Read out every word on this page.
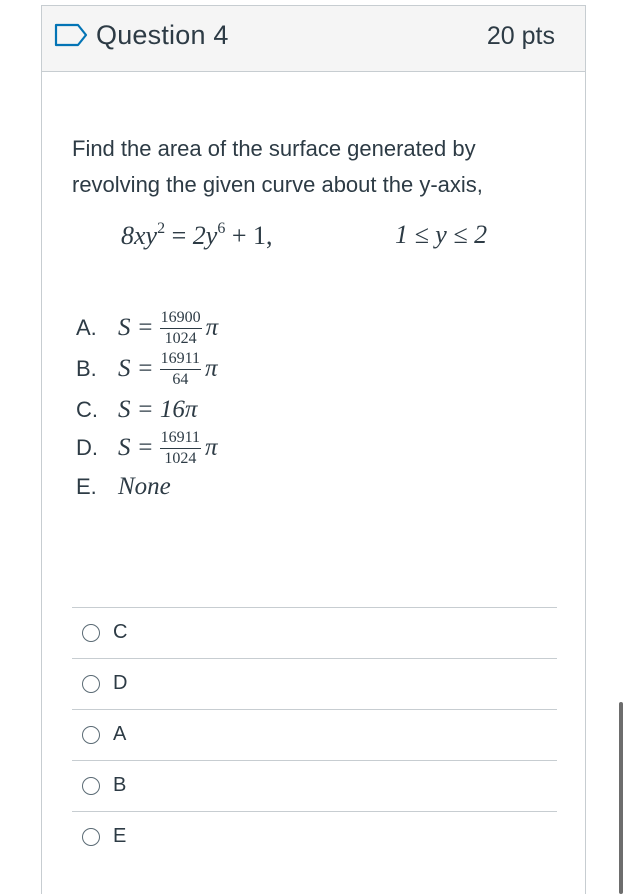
Question 4	20 pts
Find the area of the surface generated by revolving the given curve about the y-axis,
$8xy^2 = 2y^6 + 1$,	1 ≤ y ≤ 2
A. $S = \frac{16900}{1024}$ π
B. $S = \frac{16911}{64}$ π
C. S = 16π
D. $S = \frac{16911}{1024}$ π
E. None
C
D
A
B
E
